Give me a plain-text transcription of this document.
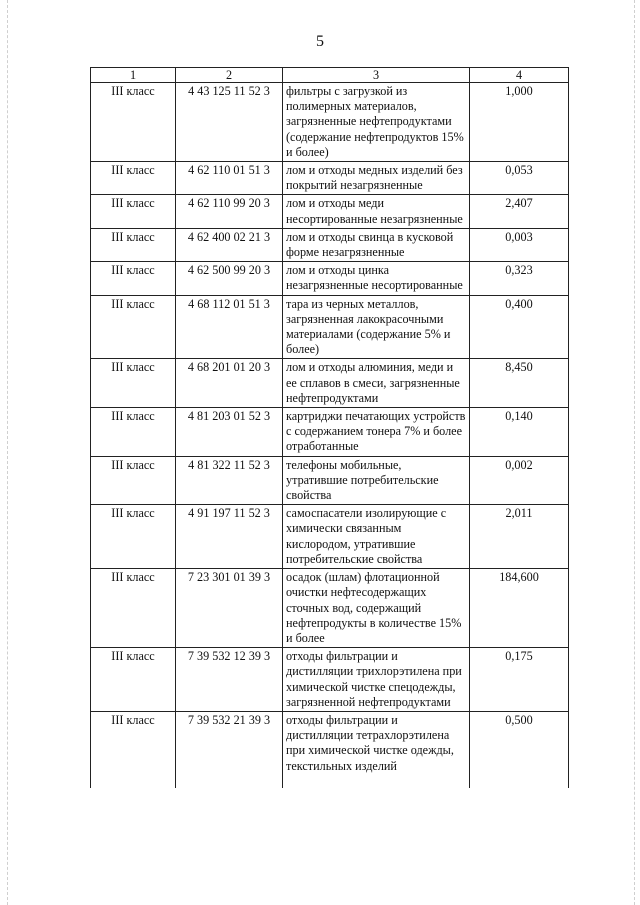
5
1	2	3	4
III класс	4 43 125 11 52 3	фильтры с загрузкой из полимерных материалов, загрязненные нефтепродуктами (содержание нефтепродуктов 15% и более)	1,000
III класс	4 62 110 01 51 3	лом и отходы медных изделий без покрытий незагрязненные	0,053
III класс	4 62 110 99 20 3	лом и отходы меди несортированные незагрязненные	2,407
III класс	4 62 400 02 21 3	лом и отходы свинца в кусковой форме незагрязненные	0,003
III класс	4 62 500 99 20 3	лом и отходы цинка незагрязненные несортированные	0,323
III класс	4 68 112 01 51 3	тара из черных металлов, загрязненная лакокрасочными материалами (содержание 5% и более)	0,400
III класс	4 68 201 01 20 3	лом и отходы алюминия, меди и ее сплавов в смеси, загрязненные нефтепродуктами	8,450
III класс	4 81 203 01 52 3	картриджи печатающих устройств с содержанием тонера 7% и более отработанные	0,140
III класс	4 81 322 11 52 3	телефоны мобильные, утратившие потребительские свойства	0,002
III класс	4 91 197 11 52 3	самоспасатели изолирующие с химически связанным кислородом, утратившие потребительские свойства	2,011
III класс	7 23 301 01 39 3	осадок (шлам) флотационной очистки нефтесодержащих сточных вод, содержащий нефтепродукты в количестве 15% и более	184,600
III класс	7 39 532 12 39 3	отходы фильтрации и дистилляции трихлорэтилена при химической чистке спецодежды, загрязненной нефтепродуктами	0,175
III класс	7 39 532 21 39 3	отходы фильтрации и дистилляции тетрахлорэтилена при химической чистке одежды, текстильных изделий	0,500
